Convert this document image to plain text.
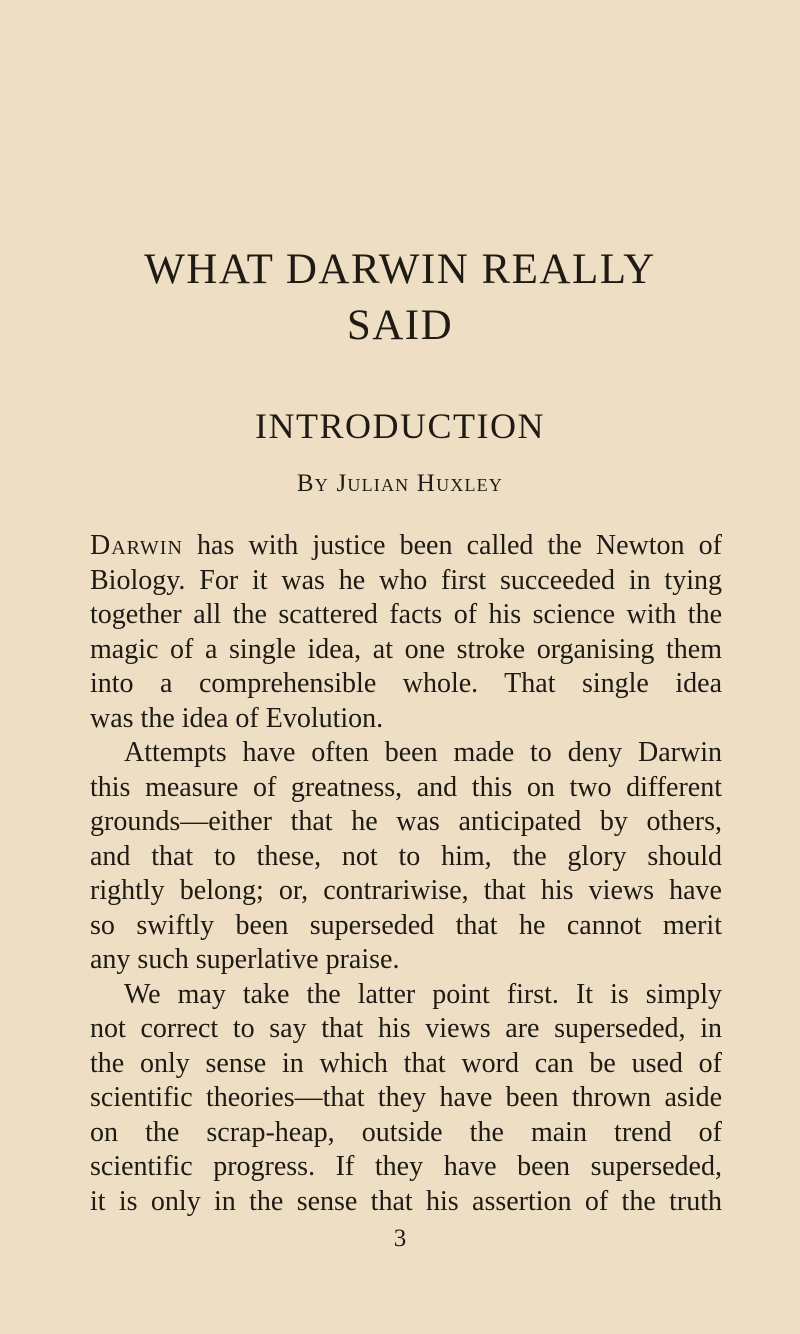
WHAT DARWIN REALLY
SAID
INTRODUCTION
By Julian Huxley
Darwin has with justice been called the Newton of
Biology. For it was he who first succeeded in tying
together all the scattered facts of his science with the
magic of a single idea, at one stroke organising them
into a comprehensible whole. That single idea
was the idea of Evolution.
Attempts have often been made to deny Darwin
this measure of greatness, and this on two different
grounds—either that he was anticipated by others,
and that to these, not to him, the glory should
rightly belong; or, contrariwise, that his views have
so swiftly been superseded that he cannot merit
any such superlative praise.
We may take the latter point first. It is simply
not correct to say that his views are superseded, in
the only sense in which that word can be used of
scientific theories—that they have been thrown aside
on the scrap-heap, outside the main trend of
scientific progress. If they have been superseded,
it is only in the sense that his assertion of the truth
3
